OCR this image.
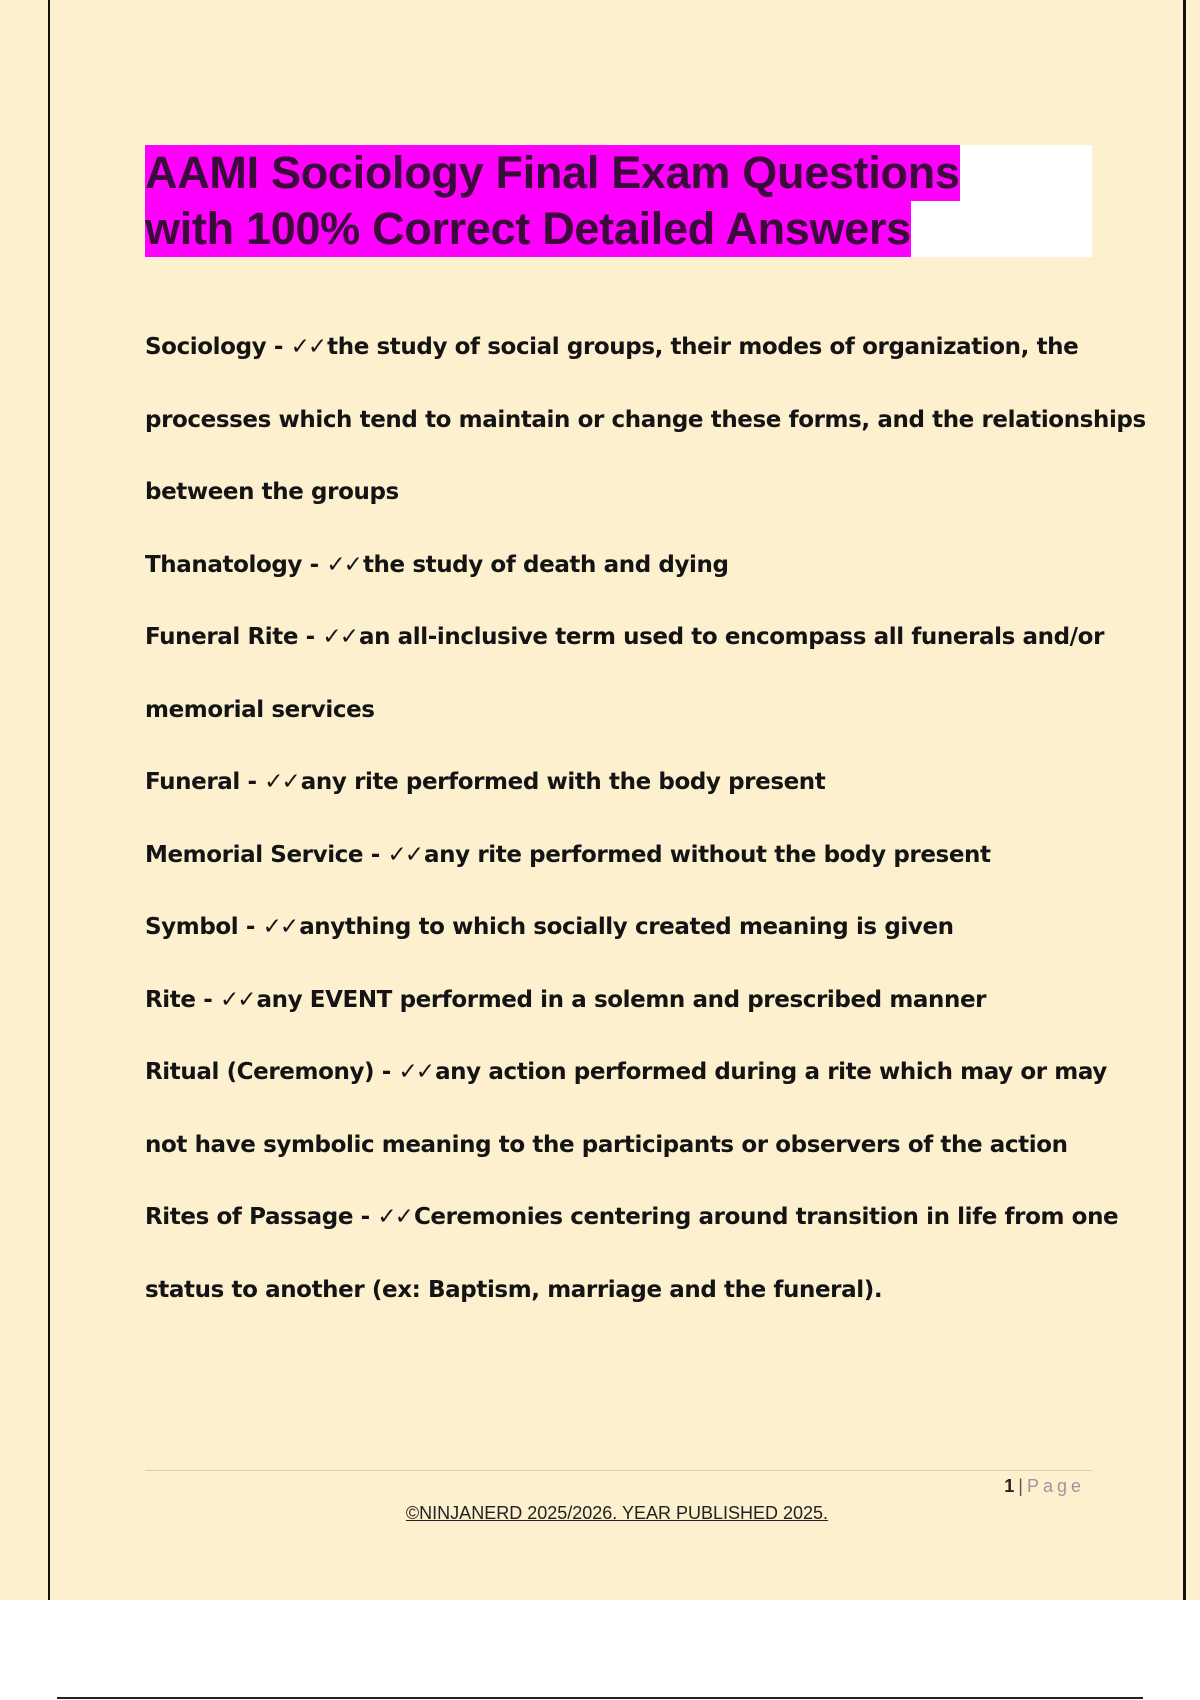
AAMI Sociology Final Exam Questions
with 100% Correct Detailed Answers
Sociology - ✓✓the study of social groups, their modes of organization, the
processes which tend to maintain or change these forms, and the relationships
between the groups
Thanatology - ✓✓the study of death and dying
Funeral Rite - ✓✓an all-inclusive term used to encompass all funerals and/or
memorial services
Funeral - ✓✓any rite performed with the body present
Memorial Service - ✓✓any rite performed without the body present
Symbol - ✓✓anything to which socially created meaning is given
Rite - ✓✓any EVENT performed in a solemn and prescribed manner
Ritual (Ceremony) - ✓✓any action performed during a rite which may or may
not have symbolic meaning to the participants or observers of the action
Rites of Passage - ✓✓Ceremonies centering around transition in life from one
status to another (ex: Baptism, marriage and the funeral).
1 | Page
©NINJANERD 2025/2026. YEAR PUBLISHED 2025.
